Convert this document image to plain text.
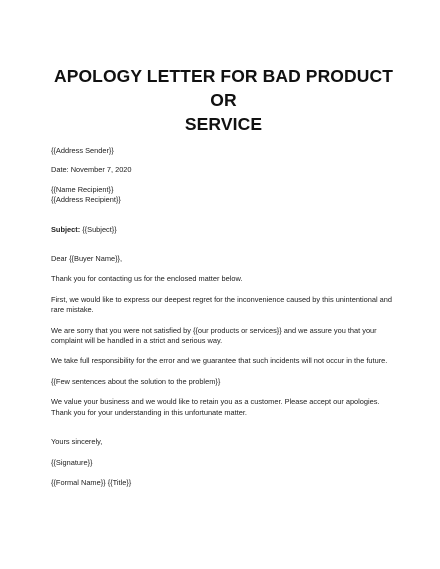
APOLOGY LETTER FOR BAD PRODUCT OR
SERVICE

{{Address Sender}}

Date: November 7, 2020

{{Name Recipient}}

{{Address Recipient}}

Subject: {{Subject}}

Dear {{Buyer Name}},

Thank you for contacting us for the enclosed matter below.

First, we would like to express our deepest regret for the inconvenience caused by this unintentional and

rare mistake.

We are sorry that you were not satisfied by {{our products or services}} and we assure you that your

complaint will be handled in a strict and serious way.

We take full responsibility for the error and we guarantee that such incidents will not occur in the future.

{{Few sentences about the solution to the problem}}

We value your business and we would like to retain you as a customer. Please accept our apologies.

Thank you for your understanding in this unfortunate matter.

Yours sincerely,

{{Signature}}

{{Formal Name}} {{Title}}
